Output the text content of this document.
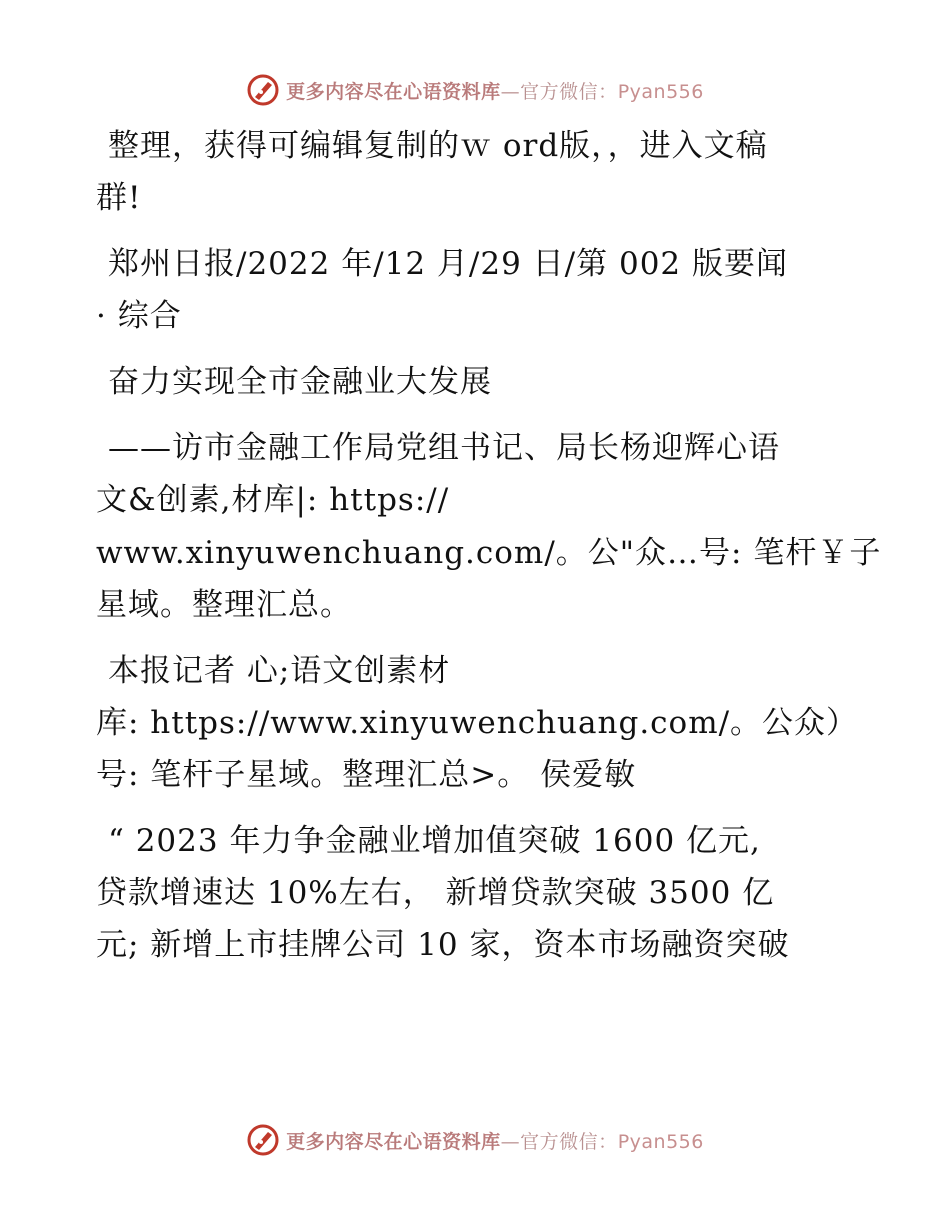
更多内容尽在心语资料库—官方微信：Pyan556

整理，获得可编辑复制的ｗ ord版，，进入文稿
群!

郑州日报/2022 年/12 月/29 日/第 002 版要闻
· 综合

奋力实现全市金融业大发展

——访市金融工作局党组书记、局长杨迎辉心语
文&创素,材库|: https://
www.xinyuwenchuang.com/。公"众…号: 笔杆￥子
星域。整理汇总。

本报记者 心;语文创素材
库: https://www.xinyuwenchuang.com/。公众）
号: 笔杆子星域。整理汇总>。 侯爱敏

“ 2023 年力争金融业增加值突破 1600 亿元,
贷款增速达 10%左右， 新增贷款突破 3500 亿
元; 新增上市挂牌公司 10 家，资本市场融资突破

更多内容尽在心语资料库—官方微信：Pyan556
